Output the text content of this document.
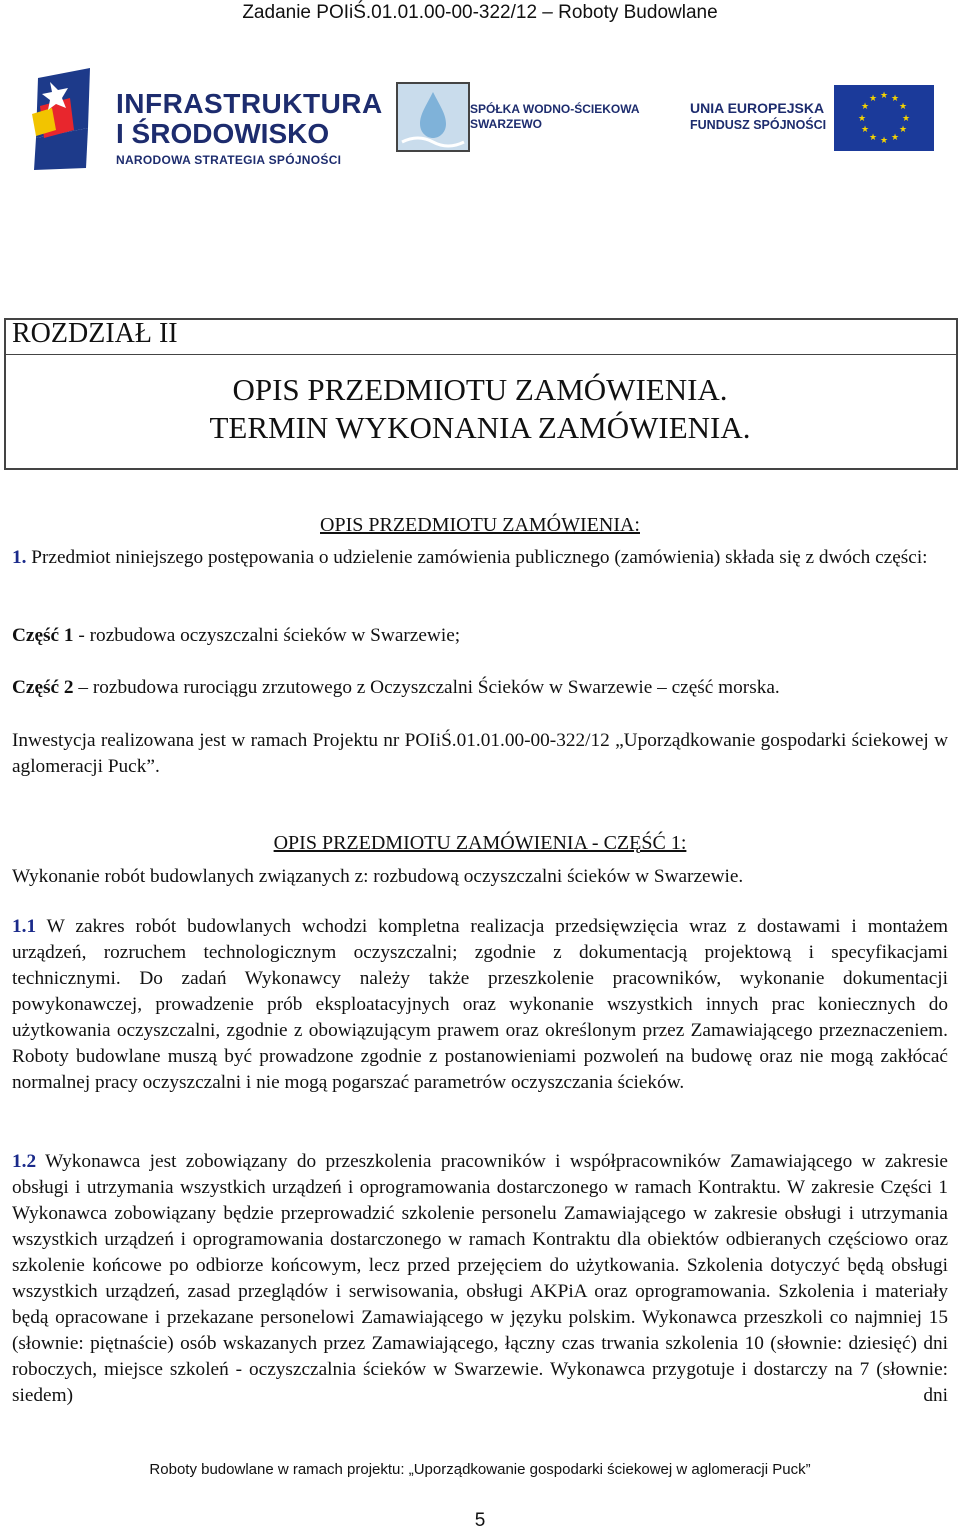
Zadanie POIiŚ.01.01.00-00-322/12 – Roboty Budowlane
INFRASTRUKTURA
I ŚRODOWISKO
NARODOWA STRATEGIA SPÓJNOŚCI
SPÓŁKA WODNO-ŚCIEKOWA
SWARZEWO
UNIA EUROPEJSKA
FUNDUSZ SPÓJNOŚCI
★ ★
★
★
★
★
★
★
★
★
★
★
ROZDZIAŁ II
OPIS PRZEDMIOTU ZAMÓWIENIA.
TERMIN WYKONANIA ZAMÓWIENIA.
OPIS PRZEDMIOTU ZAMÓWIENIA:
1. Przedmiot niniejszego postępowania o udzielenie zamówienia publicznego (zamówienia) składa się z dwóch części:
Część 1 - rozbudowa oczyszczalni ścieków w Swarzewie;
Część 2 – rozbudowa rurociągu zrzutowego z Oczyszczalni Ścieków w Swarzewie – część morska.
Inwestycja realizowana jest w ramach Projektu nr POIiŚ.01.01.00-00-322/12 „Uporządkowanie gospodarki ściekowej w aglomeracji Puck”.
OPIS PRZEDMIOTU ZAMÓWIENIA - CZĘŚĆ 1:
Wykonanie robót budowlanych związanych z: rozbudową oczyszczalni ścieków w Swarzewie.
1.1 W zakres robót budowlanych wchodzi kompletna realizacja przedsięwzięcia wraz z dostawami i montażem urządzeń, rozruchem technologicznym oczyszczalni; zgodnie z dokumentacją projektową i specyfikacjami technicznymi. Do zadań Wykonawcy należy także przeszkolenie pracowników, wykonanie dokumentacji powykonawczej, prowadzenie prób eksploatacyjnych oraz wykonanie wszystkich innych prac koniecznych do użytkowania oczyszczalni, zgodnie z obowiązującym prawem oraz określonym przez Zamawiającego przeznaczeniem. Roboty budowlane muszą być prowadzone zgodnie z postanowieniami pozwoleń na budowę oraz nie mogą zakłócać normalnej pracy oczyszczalni i nie mogą pogarszać parametrów oczyszczania ścieków.
1.2 Wykonawca jest zobowiązany do przeszkolenia pracowników i współpracowników Zamawiającego w zakresie obsługi i utrzymania wszystkich urządzeń i oprogramowania dostarczonego w ramach Kontraktu. W zakresie Części 1 Wykonawca zobowiązany będzie przeprowadzić szkolenie personelu Zamawiającego w zakresie obsługi i utrzymania wszystkich urządzeń i oprogramowania dostarczonego w ramach Kontraktu dla obiektów odbieranych częściowo oraz szkolenie końcowe po odbiorze końcowym, lecz przed przejęciem do użytkowania. Szkolenia dotyczyć będą obsługi wszystkich urządzeń, zasad przeglądów i serwisowania, obsługi AKPiA oraz oprogramowania. Szkolenia i materiały będą opracowane i przekazane personelowi Zamawiającego w języku polskim. Wykonawca przeszkoli co najmniej 15 (słownie: piętnaście) osób wskazanych przez Zamawiającego, łączny czas trwania szkolenia 10 (słownie: dziesięć) dni roboczych, miejsce szkoleń - oczyszczalnia ścieków w Swarzewie. Wykonawca przygotuje i dostarczy na 7 (słownie: siedem) dni
Roboty budowlane w ramach projektu: „Uporządkowanie gospodarki ściekowej w aglomeracji Puck”
5
